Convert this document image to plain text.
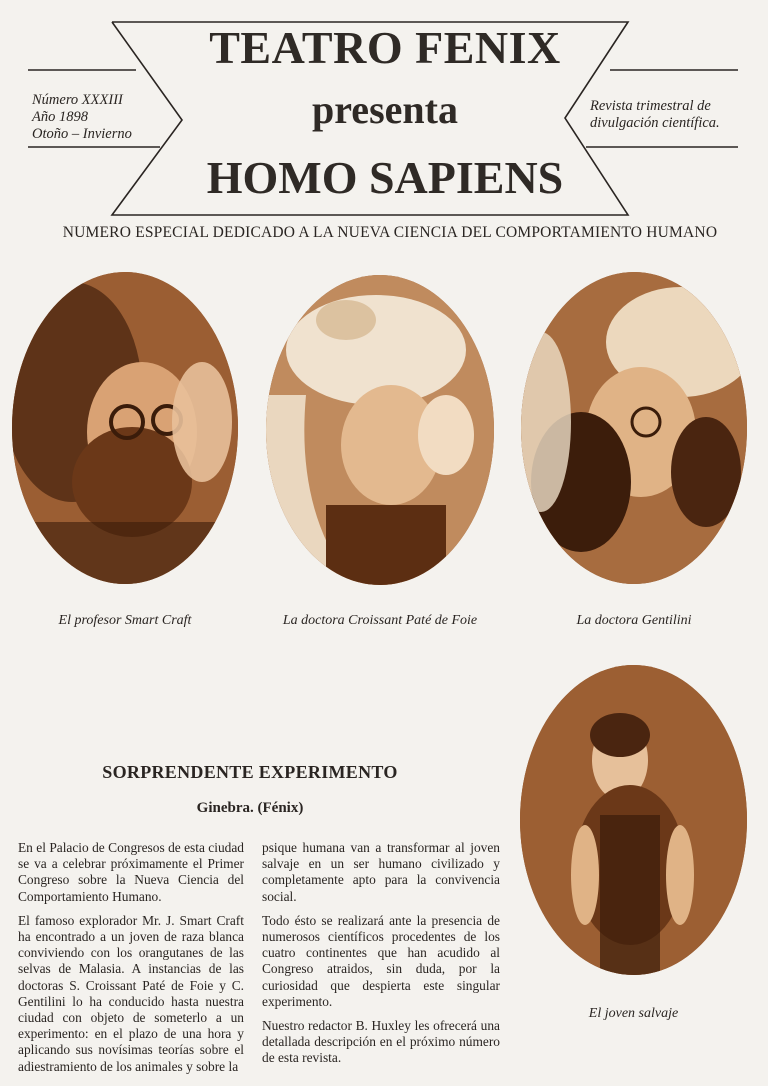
TEATRO FENIX
presenta
HOMO SAPIENS
Número XXXIII
Año 1898
Otoño – Invierno
Revista trimestral de
divulgación científica.
NUMERO ESPECIAL DEDICADO A LA NUEVA CIENCIA DEL COMPORTAMIENTO HUMANO
El profesor Smart Craft	La doctora Croissant Paté de Foie	La doctora Gentilini
El joven salvaje
SORPRENDENTE EXPERIMENTO
Ginebra. (Fénix)

En el Palacio de Congresos de esta ciudad se va a celebrar próximamente el Primer Congreso sobre la Nueva Ciencia del Comportamiento Humano.

El famoso explorador Mr. J. Smart Craft ha encontrado a un joven de raza blanca conviviendo con los orangutanes de las selvas de Malasia. A instancias de las doctoras S. Croissant Paté de Foie y C. Gentilini lo ha conducido hasta nuestra ciudad con objeto de someterlo a un experimento: en el plazo de una hora y aplicando sus novísimas teorías sobre el adiestramiento de los animales y sobre la

psique humana van a transformar al joven salvaje en un ser humano civilizado y completamente apto para la convivencia social.

Todo ésto se realizará ante la presencia de numerosos científicos procedentes de los cuatro continentes que han acudido al Congreso atraidos, sin duda, por la curiosidad que despierta este singular experimento.

Nuestro redactor B. Huxley les ofrecerá una detallada descripción en el próximo número de esta revista.
